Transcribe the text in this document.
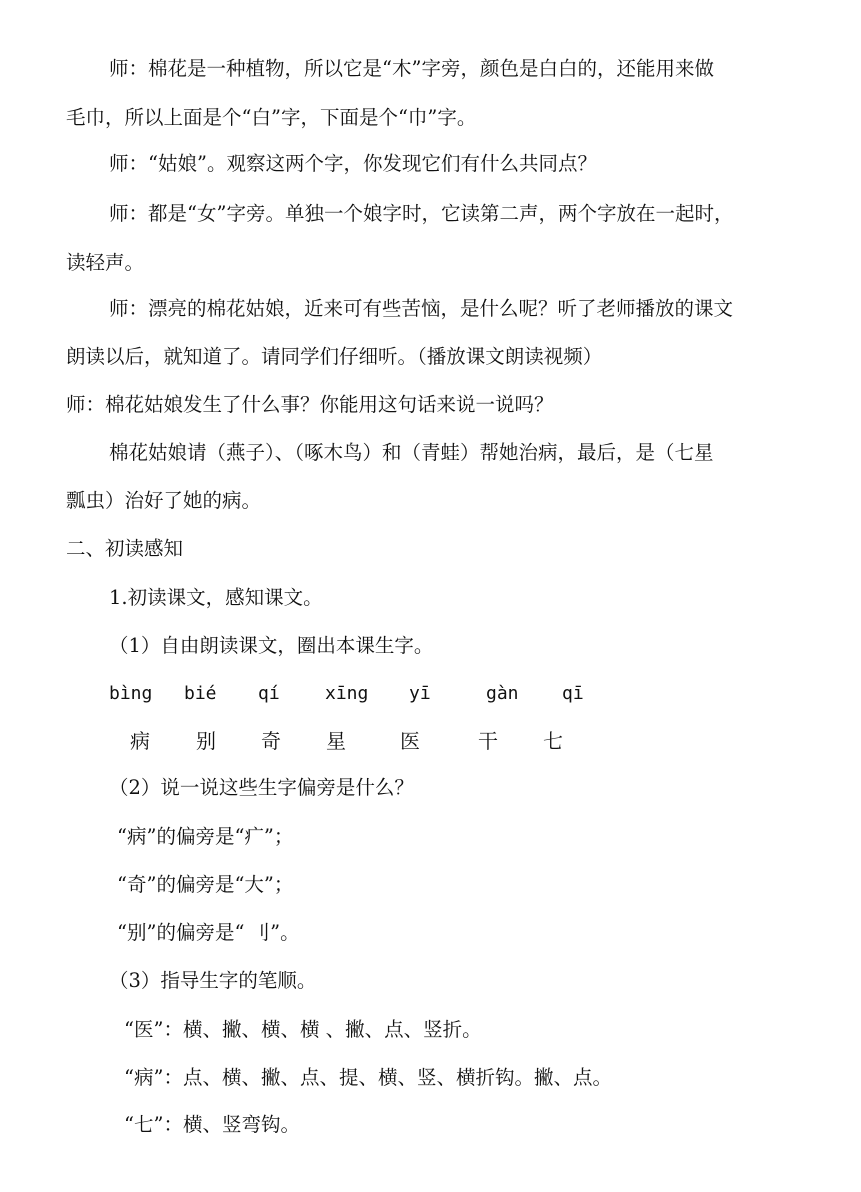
师：棉花是一种植物，所以它是“木”字旁，颜色是白白的，还能用来做
毛巾，所以上面是个“白”字，下面是个“巾”字。
师：“姑娘”。观察这两个字，你发现它们有什么共同点？
师：都是“女”字旁。单独一个娘字时，它读第二声，两个字放在一起时，
读轻声。
师：漂亮的棉花姑娘，近来可有些苦恼，是什么呢？听了老师播放的课文
朗读以后，就知道了。请同学们仔细听。（播放课文朗读视频）
师：棉花姑娘发生了什么事？你能用这句话来说一说吗？
棉花姑娘请（燕子）、（啄木鸟）和（青蛙）帮她治病，最后，是（七星
瓢虫）治好了她的病。
二、初读感知
1.初读课文，感知课文。
（1）自由朗读课文，圈出本课生字。
bìng bié qí	xīng yī	gàn qī
病 别 奇 星	医	干 七
（2）说一说这些生字偏旁是什么？
“病”的偏旁是“疒”；
“奇”的偏旁是“大”；
“别”的偏旁是“ 刂”。
（3）指导生字的笔顺。
“医”：横、撇、横、横 、撇、点、竖折。
“病”：点、横、撇、点、提、横、竖、横折钩。撇、点。
“七”：横、竖弯钩。
